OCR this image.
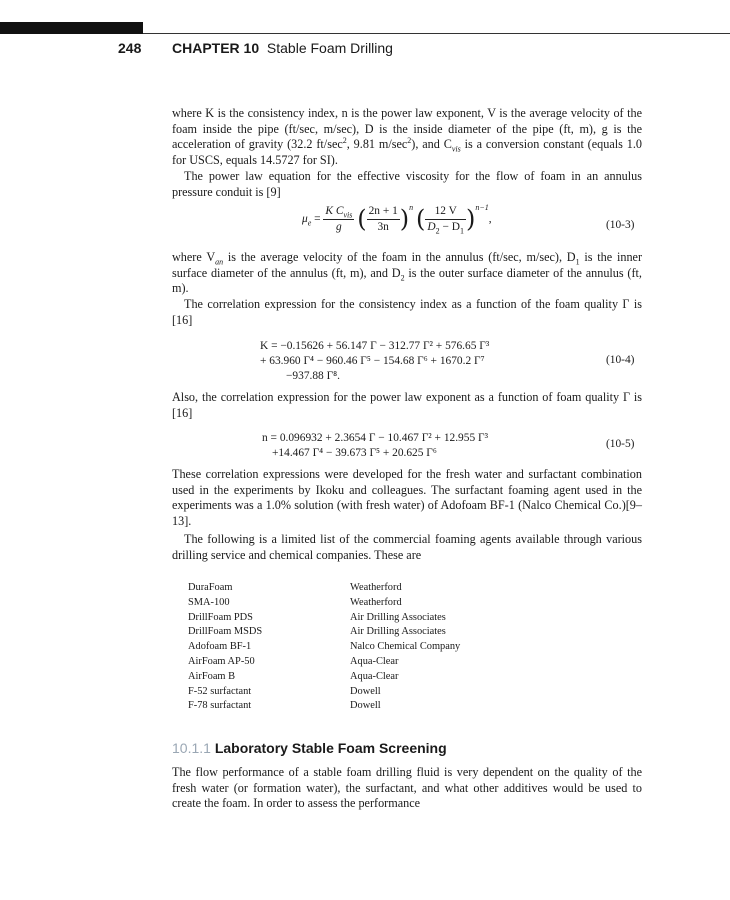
248 CHAPTER 10 Stable Foam Drilling
where K is the consistency index, n is the power law exponent, V is the average velocity of the foam inside the pipe (ft/sec, m/sec), D is the inside diameter of the pipe (ft, m), g is the acceleration of gravity (32.2 $ft/\sec^2$, 9.81 $m/\sec^2$), and $C_{vis}$ is a conversion constant (equals 1.0 for USCS, equals 14.5727 for SI).
The power law equation for the effective viscosity for the flow of foam in an annulus pressure conduit is [9]
$\mu_e = \frac{K C_{vis}}{g}$ ( $\frac{2n + 1}{3n} )^n$ ( $\frac{12 V}{D_2 - D_1} )^{n-1}$,	(10-3)
where $V_{an}$ is the average velocity of the foam in the annulus (ft/sec, m/sec), $D_1$ is the inner surface diameter of the annulus (ft, m), and $D_2$ is the outer surface diameter of the annulus (ft, m).
The correlation expression for the consistency index as a function of the foam quality Γ is [16]
K = −0.15626 + 56.147 Γ − 312.77 Γ² + 576.65 Γ³
+ 63.960 Γ⁴ − 960.46 Γ⁵ − 154.68 Γ⁶ + 1670.2 Γ⁷
−937.88 Γ⁸.
(10-4)
Also, the correlation expression for the power law exponent as a function of foam quality Γ is [16]
n = 0.096932 + 2.3654 Γ − 10.467 Γ² + 12.955 Γ³
+14.467 Γ⁴ − 39.673 Γ⁵ + 20.625 Γ⁶
(10-5)
These correlation expressions were developed for the fresh water and surfactant combination used in the experiments by Ikoku and colleagues. The surfactant foaming agent used in the experiments was a 1.0% solution (with fresh water) of Adofoam BF-1 (Nalco Chemical Co.)[9–13].
The following is a limited list of the commercial foaming agents available through various drilling service and chemical companies. These are
DuraFoam	Weatherford
SMA-100	Weatherford
DrillFoam PDS	Air Drilling Associates
DrillFoam MSDS	Air Drilling Associates
Adofoam BF-1	Nalco Chemical Company
AirFoam AP-50	Aqua-Clear
AirFoam B	Aqua-Clear
F-52 surfactant	Dowell
F-78 surfactant	Dowell
10.1.1 Laboratory Stable Foam Screening
The flow performance of a stable foam drilling fluid is very dependent on the quality of the fresh water (or formation water), the surfactant, and what other additives would be used to create the foam. In order to assess the performance
